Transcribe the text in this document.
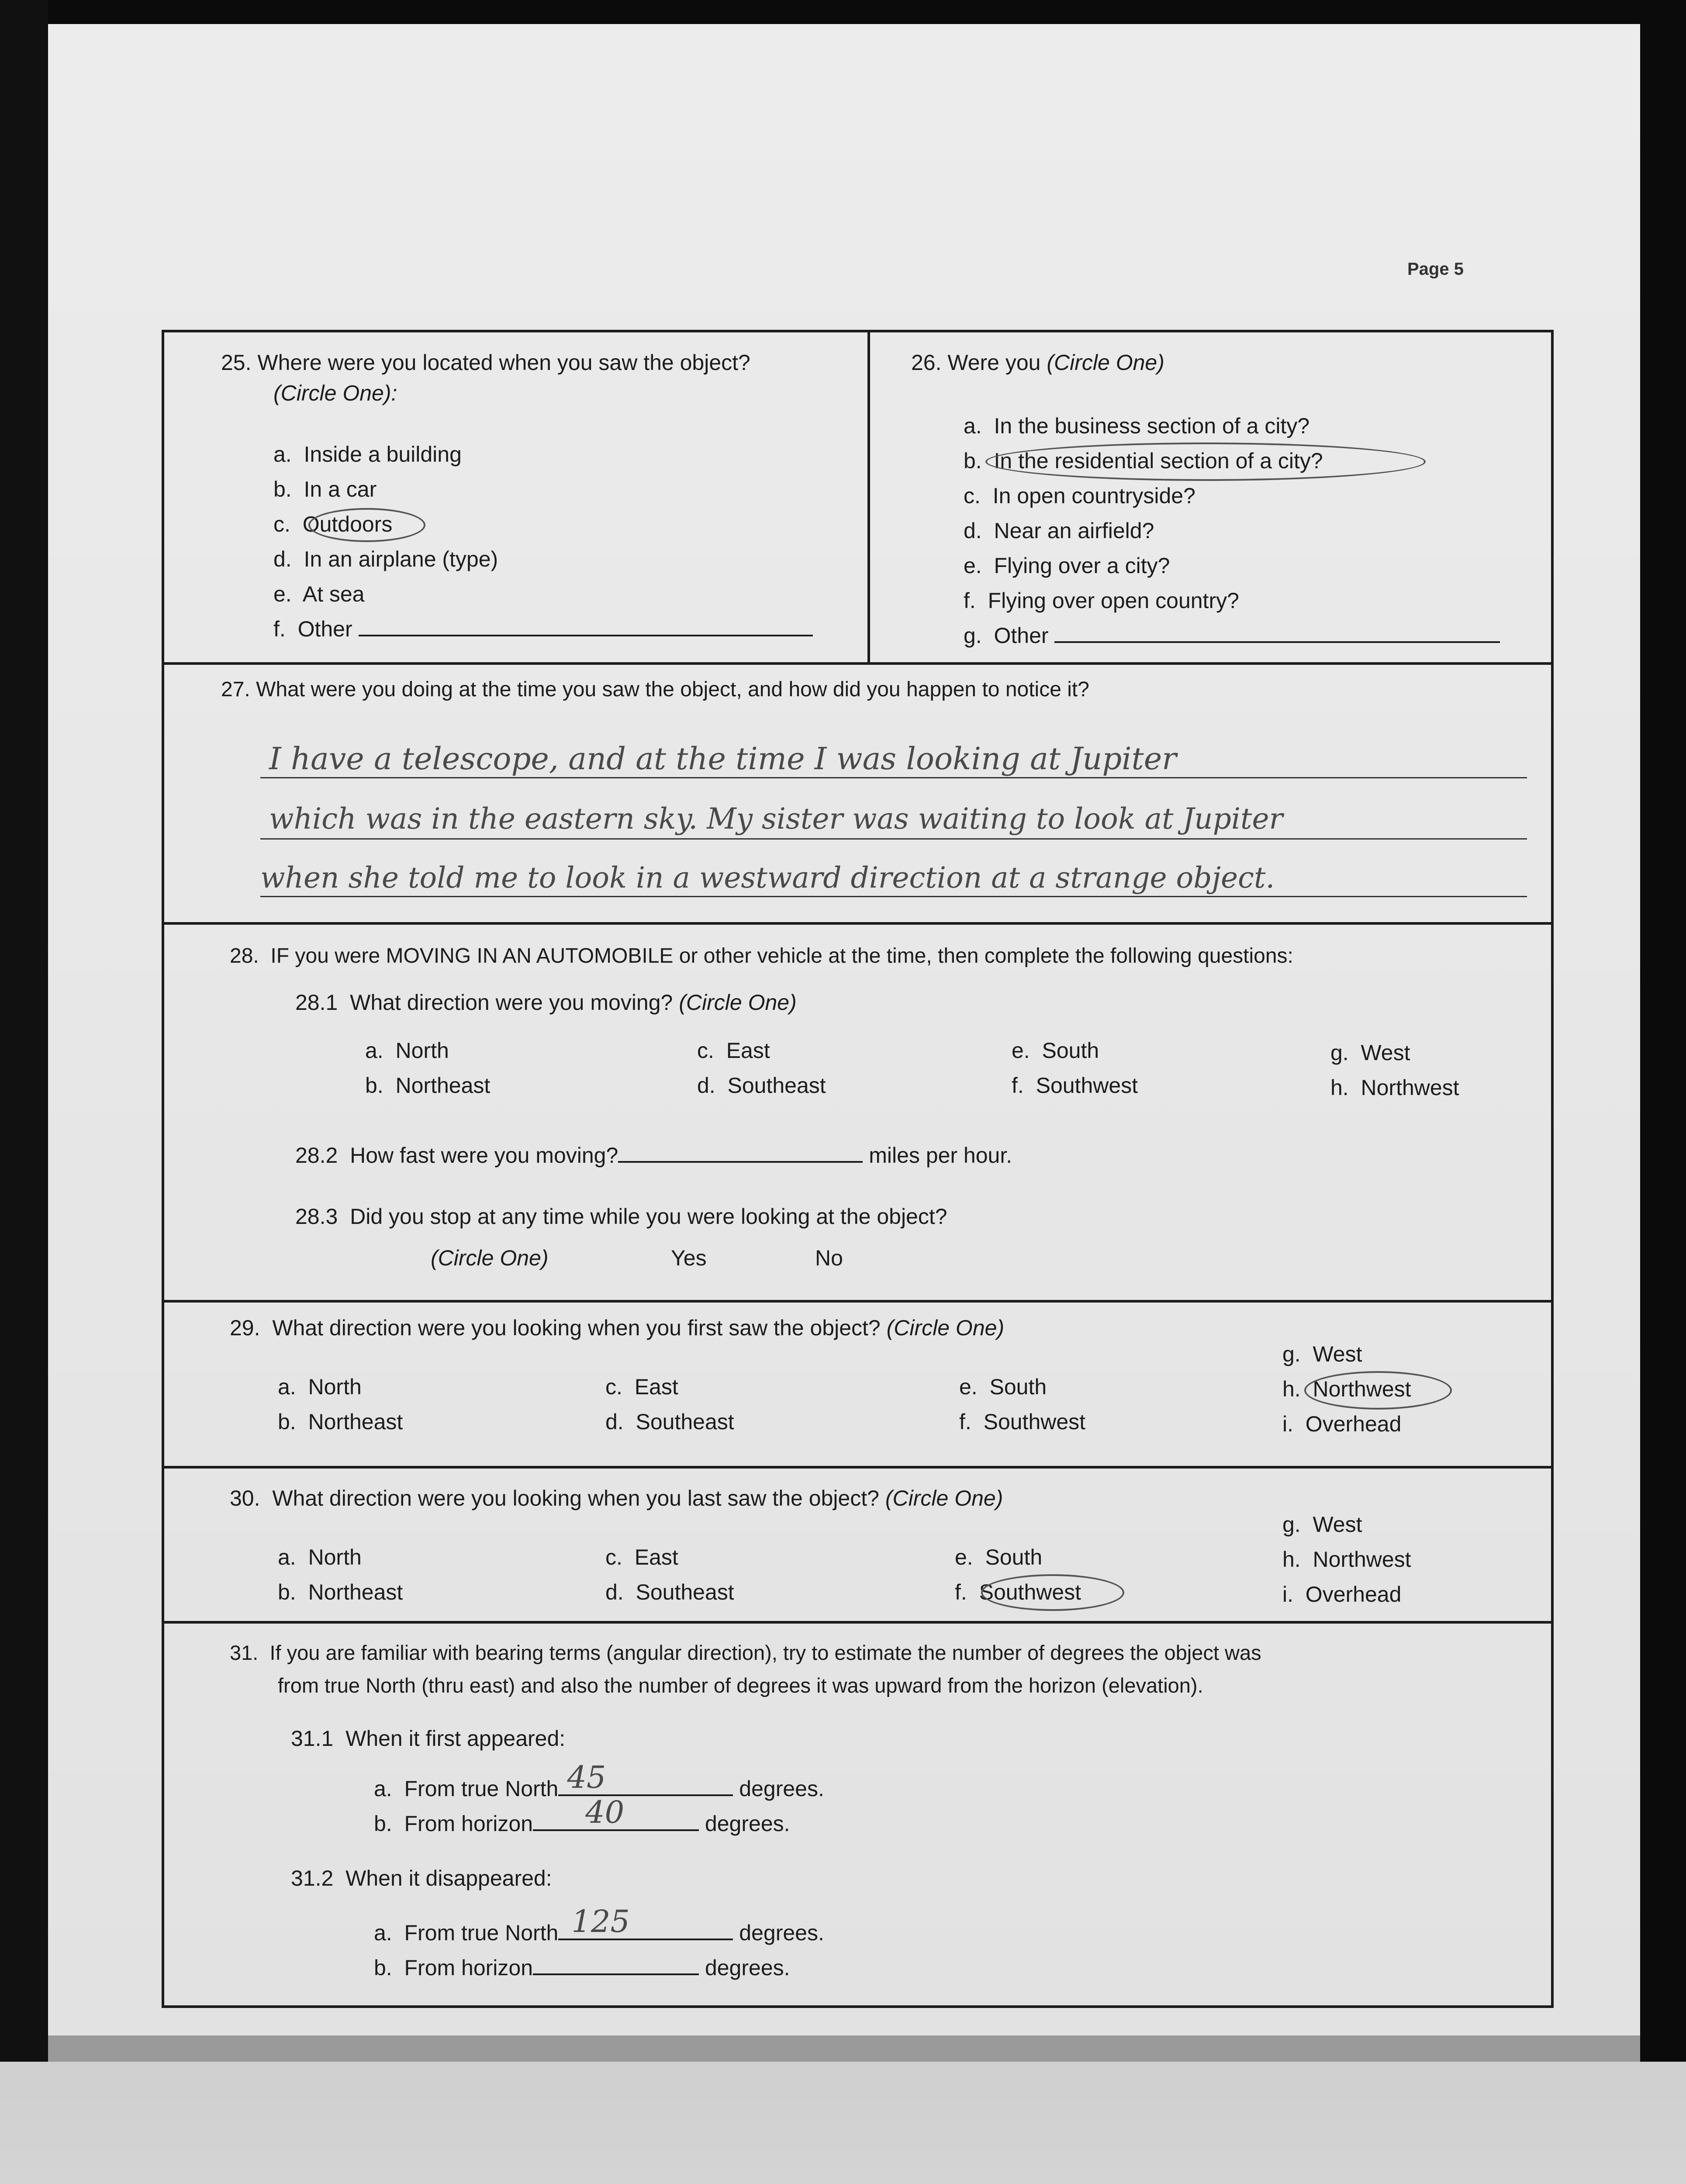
Page 5
25. Where were you located when you saw the object?
(Circle One):
a. Inside a building
b. In a car
c. Outdoors
d. In an airplane (type)
e. At sea
f. Other
26. Were you (Circle One)
a. In the business section of a city?
b. In the residential section of a city?
c. In open countryside?
d. Near an airfield?
e. Flying over a city?
f. Flying over open country?
g. Other
27. What were you doing at the time you saw the object, and how did you happen to notice it?
I have a telescope, and at the time I was looking at Jupiter
which was in the eastern sky. My sister was waiting to look at Jupiter
when she told me to look in a westward direction at a strange object.
28. IF you were MOVING IN AN AUTOMOBILE or other vehicle at the time, then complete the following questions:
28.1 What direction were you moving? (Circle One)
a. North
b. Northeast
c. East
d. Southeast
e. South
f. Southwest
g. West
h. Northwest
28.2 How fast were you moving?	miles per hour.
28.3 Did you stop at any time while you were looking at the object?
(Circle One)	Yes	No
29. What direction were you looking when you first saw the object? (Circle One)
a. North
b. Northeast
c. East
d. Southeast
e. South
f. Southwest
g. West
h. Northwest
i. Overhead
30. What direction were you looking when you last saw the object? (Circle One)
a. North
b. Northeast
c. East
d. Southeast
e. South
f. Southwest
g. West
h. Northwest
i. Overhead
31. If you are familiar with bearing terms (angular direction), try to estimate the number of degrees the object was
from true North (thru east) and also the number of degrees it was upward from the horizon (elevation).
31.1 When it first appeared:
a. From true North 45	degrees.
b. From horizon 40	degrees.
31.2 When it disappeared:
a. From true North 125	degrees.
b. From horizon	degrees.
